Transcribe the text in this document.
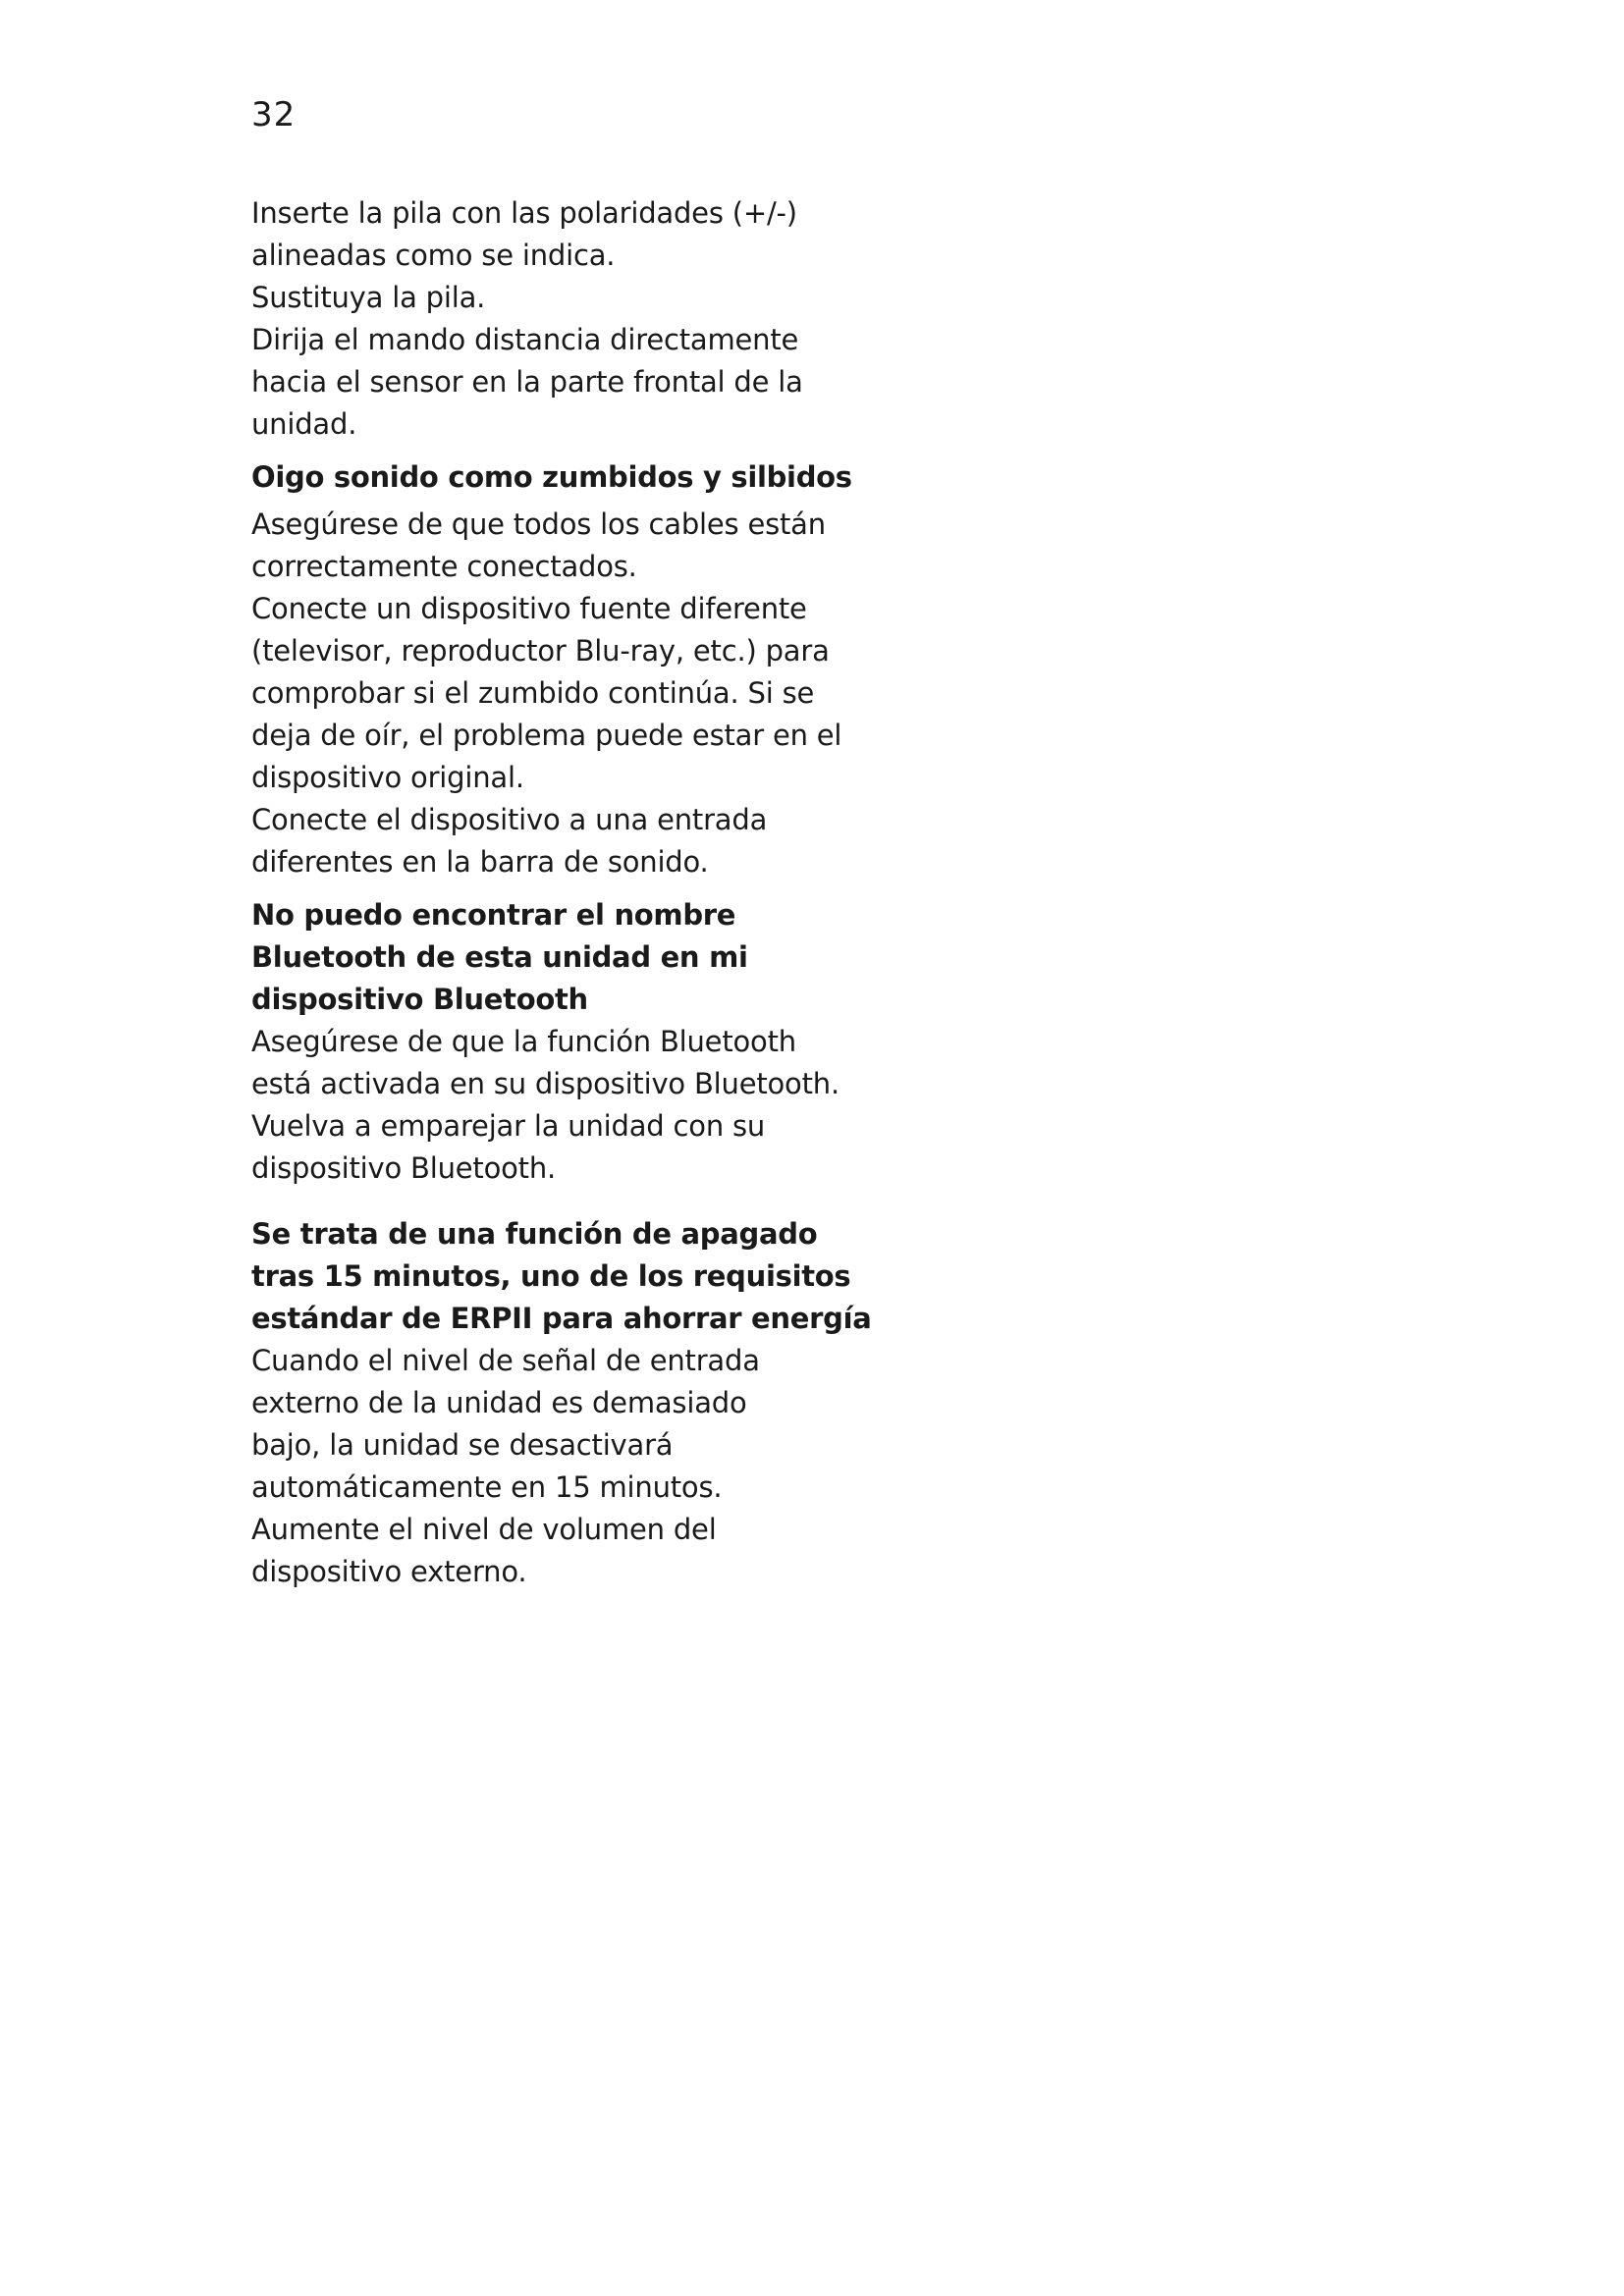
32
Inserte la pila con las polaridades (+/-)
alineadas como se indica.
Sustituya la pila.
Dirija el mando distancia directamente
hacia el sensor en la parte frontal de la
unidad.
Oigo sonido como zumbidos y silbidos
Asegúrese de que todos los cables están
correctamente conectados.
Conecte un dispositivo fuente diferente
(televisor, reproductor Blu-ray, etc.) para
comprobar si el zumbido continúa. Si se
deja de oír, el problema puede estar en el
dispositivo original.
Conecte el dispositivo a una entrada
diferentes en la barra de sonido.
No puedo encontrar el nombre
Bluetooth de esta unidad en mi
dispositivo Bluetooth
Asegúrese de que la función Bluetooth
está activada en su dispositivo Bluetooth.
Vuelva a emparejar la unidad con su
dispositivo Bluetooth.
Se trata de una función de apagado
tras 15 minutos, uno de los requisitos
estándar de ERPII para ahorrar energía
Cuando el nivel de señal de entrada
externo de la unidad es demasiado
bajo, la unidad se desactivará
automáticamente en 15 minutos.
Aumente el nivel de volumen del
dispositivo externo.
